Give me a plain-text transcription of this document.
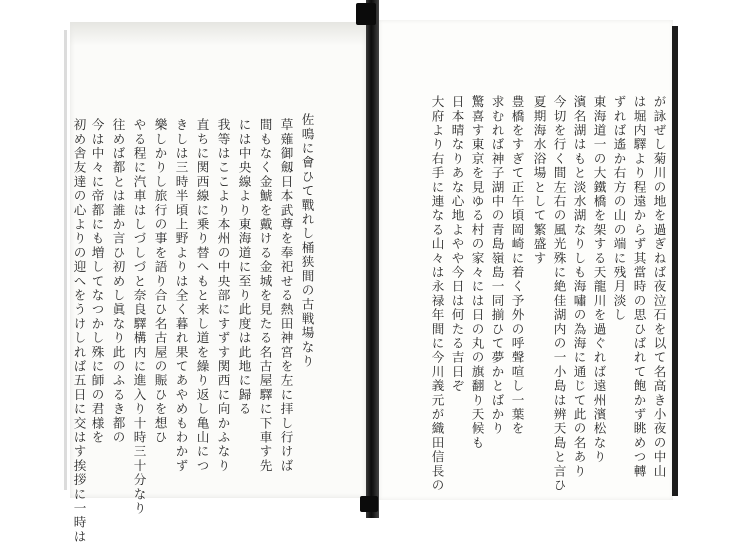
佐鳴に會ひて戰れし桶狭間の古戦場なり
草薙御劔日本武尊を奉祀せる熱田神宮を左に拝し行けば
間もなく金鯱を戴ける金城を見たる名古屋驛に下車す先
には中央線より東海道に至り此度は此地に歸る
我等はここより本州の中央部にすずす関西に向かふなり
直ちに関西線に乗り替へもと来し道を繰り返し亀山につ
きしは三時半頃上野よりは全く暮れ果てあやめもわかず
樂しかりし旅行の事を語り合ひ名古屋の賑ひを想ひ
やる程に汽車はしづしづと奈良驛構内に進入り十時三十分なり
往めば都とは誰か言ひ初めし眞なり此のふるき都の
今は中々に帝都にも増してなつかし殊に師の君様を
初め舎友達の心よりの迎へをうけしれば五日に交はす挨拶に一時は	が詠ぜし菊川の地を過ぎねば夜泣石を以て名高き小夜の中山
は堀内驛より程遠からず其當時の思ひばれて飽かず眺めつ轉
ずれば遙か右方の山の端に残月淡し
東海道一の大鐵橋を架する天龍川を過ぐれば遠州濱松なり
濱名湖はもと淡水湖なりしも海嘯の為海に通じて此の名あり
今切を行く間左右の風光殊に絶佳湖内の一小島は辨天島と言ひ
夏期海水浴場として繁盛す
豊橋をすぎて正午頃岡崎に着く予外の呼聲喧し一葉を
求むれば神子湖中の青島嶺島一同揃ひて夢かとばかり
驚喜す東京を見ゆる村の家々には日の丸の旗翻り天候も
日本晴なりあな心地よやや今日は何たる吉日ぞ
大府より右手に連なる山々は永禄年間に今川義元が織田信長の
